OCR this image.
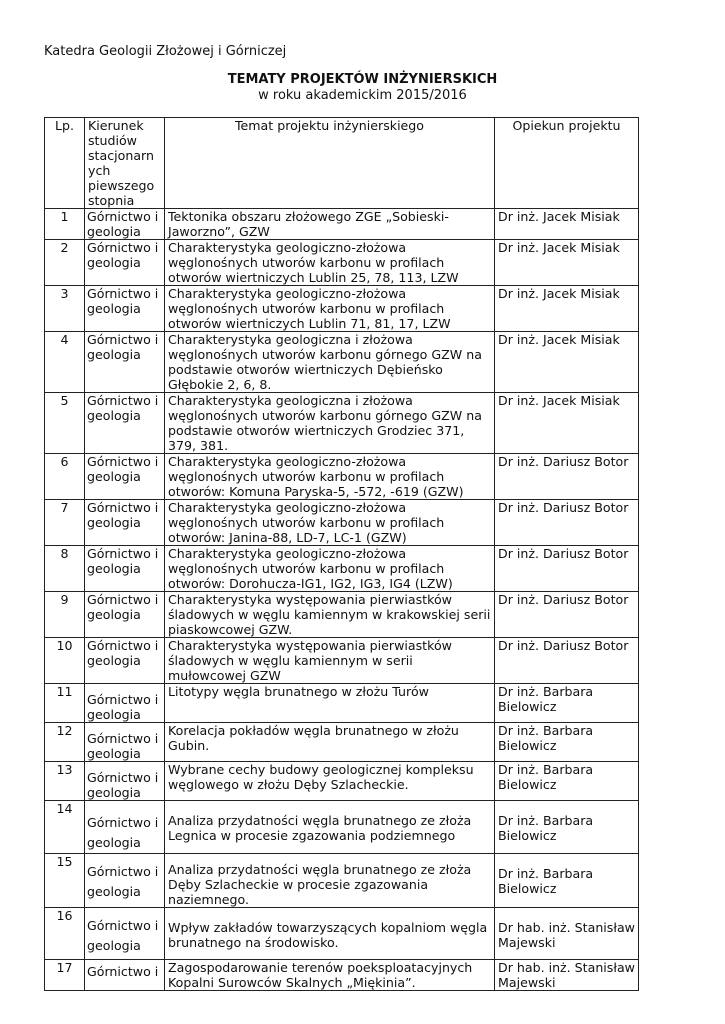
Katedra Geologii Złożowej i Górniczej
TEMATY PROJEKTÓW INŻYNIERSKICH
w roku akademickim 2015/2016
Lp.	Kierunek studiów stacjonarn ych piewszego stopnia	Temat projektu inżynierskiego	Opiekun projektu
1	Górnictwo i geologia	Tektonika obszaru złożowego ZGE „Sobieski-Jaworzno”, GZW	Dr inż. Jacek Misiak
2	Górnictwo i geologia	Charakterystyka geologiczno-złożowa węglonośnych utworów karbonu w profilach otworów wiertniczych Lublin 25, 78, 113, LZW	Dr inż. Jacek Misiak
3	Górnictwo i geologia	Charakterystyka geologiczno-złożowa węglonośnych utworów karbonu w profilach otworów wiertniczych Lublin 71, 81, 17, LZW	Dr inż. Jacek Misiak
4	Górnictwo i geologia	Charakterystyka geologiczna i złożowa węglonośnych utworów karbonu górnego GZW na podstawie otworów wiertniczych Dębieńsko Głębokie 2, 6, 8.	Dr inż. Jacek Misiak
5	Górnictwo i geologia	Charakterystyka geologiczna i złożowa węglonośnych utworów karbonu górnego GZW na podstawie otworów wiertniczych Grodziec 371, 379, 381.	Dr inż. Jacek Misiak
6	Górnictwo i geologia	Charakterystyka geologiczno-złożowa węglonośnych utworów karbonu w profilach otworów: Komuna Paryska-5, -572, -619 (GZW)	Dr inż. Dariusz Botor
7	Górnictwo i geologia	Charakterystyka geologiczno-złożowa węglonośnych utworów karbonu w profilach otworów: Janina-88, LD-7, LC-1 (GZW)	Dr inż. Dariusz Botor
8	Górnictwo i geologia	Charakterystyka geologiczno-złożowa węglonośnych utworów karbonu w profilach otworów: Dorohucza-IG1, IG2, IG3, IG4 (LZW)	Dr inż. Dariusz Botor
9	Górnictwo i geologia	Charakterystyka występowania pierwiastków śladowych w węglu kamiennym w krakowskiej serii piaskowcowej GZW.	Dr inż. Dariusz Botor
10	Górnictwo i geologia	Charakterystyka występowania pierwiastków śladowych w węglu kamiennym w serii mułowcowej GZW	Dr inż. Dariusz Botor
11	Górnictwo i geologia	Litotypy węgla brunatnego w złożu Turów	Dr inż. Barbara Bielowicz
12	Górnictwo i geologia	Korelacja pokładów węgla brunatnego w złożu Gubin.	Dr inż. Barbara Bielowicz
13	Górnictwo i geologia	Wybrane cechy budowy geologicznej kompleksu węglowego w złożu Dęby Szlacheckie.	Dr inż. Barbara Bielowicz
14	Górnictwo i geologia	Analiza przydatności węgla brunatnego ze złoża Legnica w procesie zgazowania podziemnego	Dr inż. Barbara Bielowicz
15	Górnictwo i geologia	Analiza przydatności węgla brunatnego ze złoża Dęby Szlacheckie w procesie zgazowania naziemnego.	Dr inż. Barbara Bielowicz
16	Górnictwo i geologia	Wpływ zakładów towarzyszących kopalniom węgla brunatnego na środowisko.	Dr hab. inż. Stanisław Majewski
17	Górnictwo i	Zagospodarowanie terenów poeksploatacyjnych Kopalni Surowców Skalnych „Miękinia”.	Dr hab. inż. Stanisław Majewski
